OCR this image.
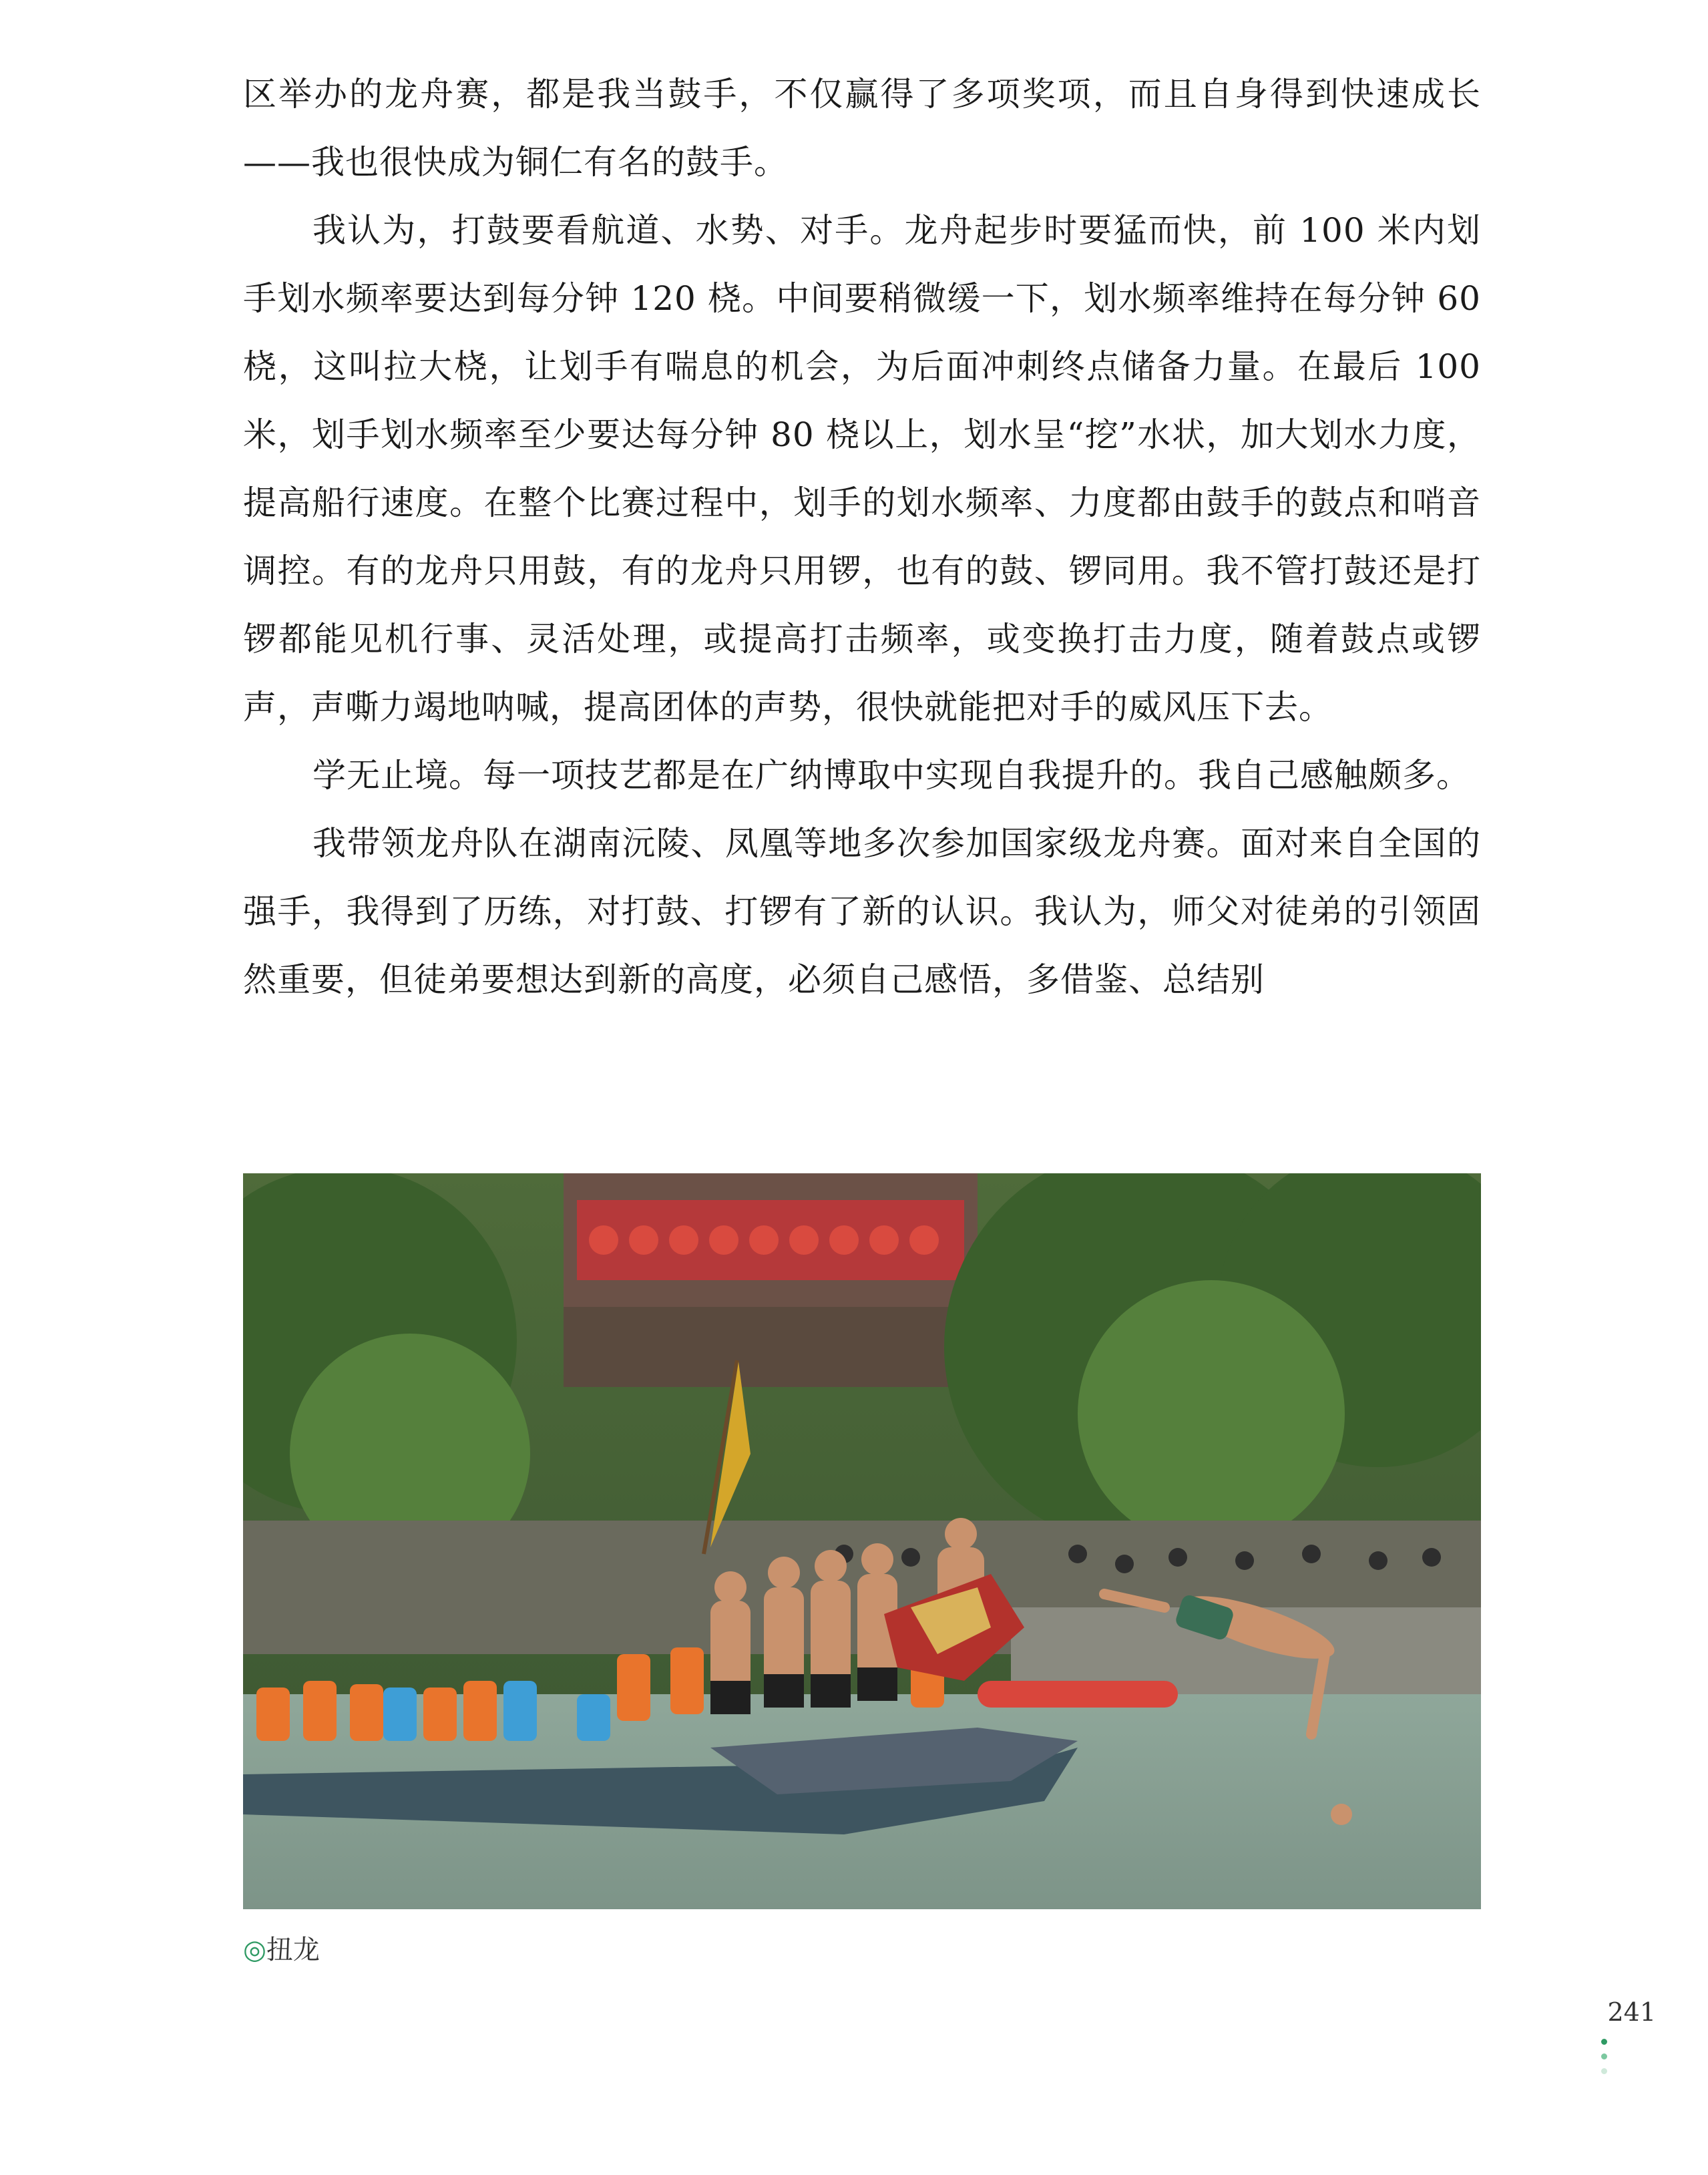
区举办的龙舟赛，都是我当鼓手，不仅赢得了多项奖项，而且自身得到快速成长——我也很快成为铜仁有名的鼓手。

我认为，打鼓要看航道、水势、对手。龙舟起步时要猛而快，前 100 米内划手划水频率要达到每分钟 120 桡。中间要稍微缓一下，划水频率维持在每分钟 60 桡，这叫拉大桡，让划手有喘息的机会，为后面冲刺终点储备力量。在最后 100 米，划手划水频率至少要达每分钟 80 桡以上，划水呈“挖”水状，加大划水力度，提高船行速度。在整个比赛过程中，划手的划水频率、力度都由鼓手的鼓点和哨音调控。有的龙舟只用鼓，有的龙舟只用锣，也有的鼓、锣同用。我不管打鼓还是打锣都能见机行事、灵活处理，或提高打击频率，或变换打击力度，随着鼓点或锣声，声嘶力竭地呐喊，提高团体的声势，很快就能把对手的威风压下去。

学无止境。每一项技艺都是在广纳博取中实现自我提升的。我自己感触颇多。

我带领龙舟队在湖南沅陵、凤凰等地多次参加国家级龙舟赛。面对来自全国的强手，我得到了历练，对打鼓、打锣有了新的认识。我认为，师父对徒弟的引领固然重要，但徒弟要想达到新的高度，必须自己感悟，多借鉴、总结别

◎扭龙
241
